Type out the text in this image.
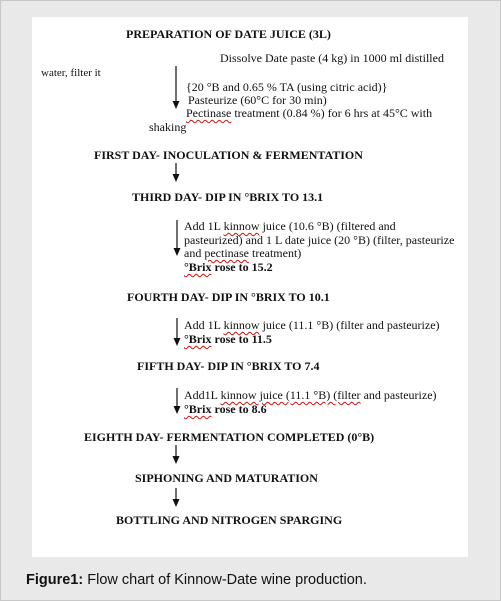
PREPARATION OF DATE JUICE (3L)
Dissolve Date paste (4 kg) in 1000 ml distilled
water, filter it
{20 °B and 0.65 % TA (using citric acid)}
Pasteurize (60°C for 30 min)
Pectinase treatment (0.84 %) for 6 hrs at 45°C with
shaking
FIRST DAY- INOCULATION & FERMENTATION
THIRD DAY- DIP IN °BRIX TO 13.1
Add 1L kinnow juice (10.6 °B) (filtered and
pasteurized) and 1 L date juice (20 °B) (filter, pasteurize
and pectinase treatment)
°Brix rose to 15.2
FOURTH DAY- DIP IN °BRIX TO 10.1
Add 1L kinnow juice (11.1 °B) (filter and pasteurize)
°Brix rose to 11.5
FIFTH DAY- DIP IN °BRIX TO 7.4
Add1L kinnow juice (11.1 °B) (filter and pasteurize)
°Brix rose to 8.6
EIGHTH DAY- FERMENTATION COMPLETED (0°B)
SIPHONING AND MATURATION
BOTTLING AND NITROGEN SPARGING
Figure1: Flow chart of Kinnow-Date wine production.
